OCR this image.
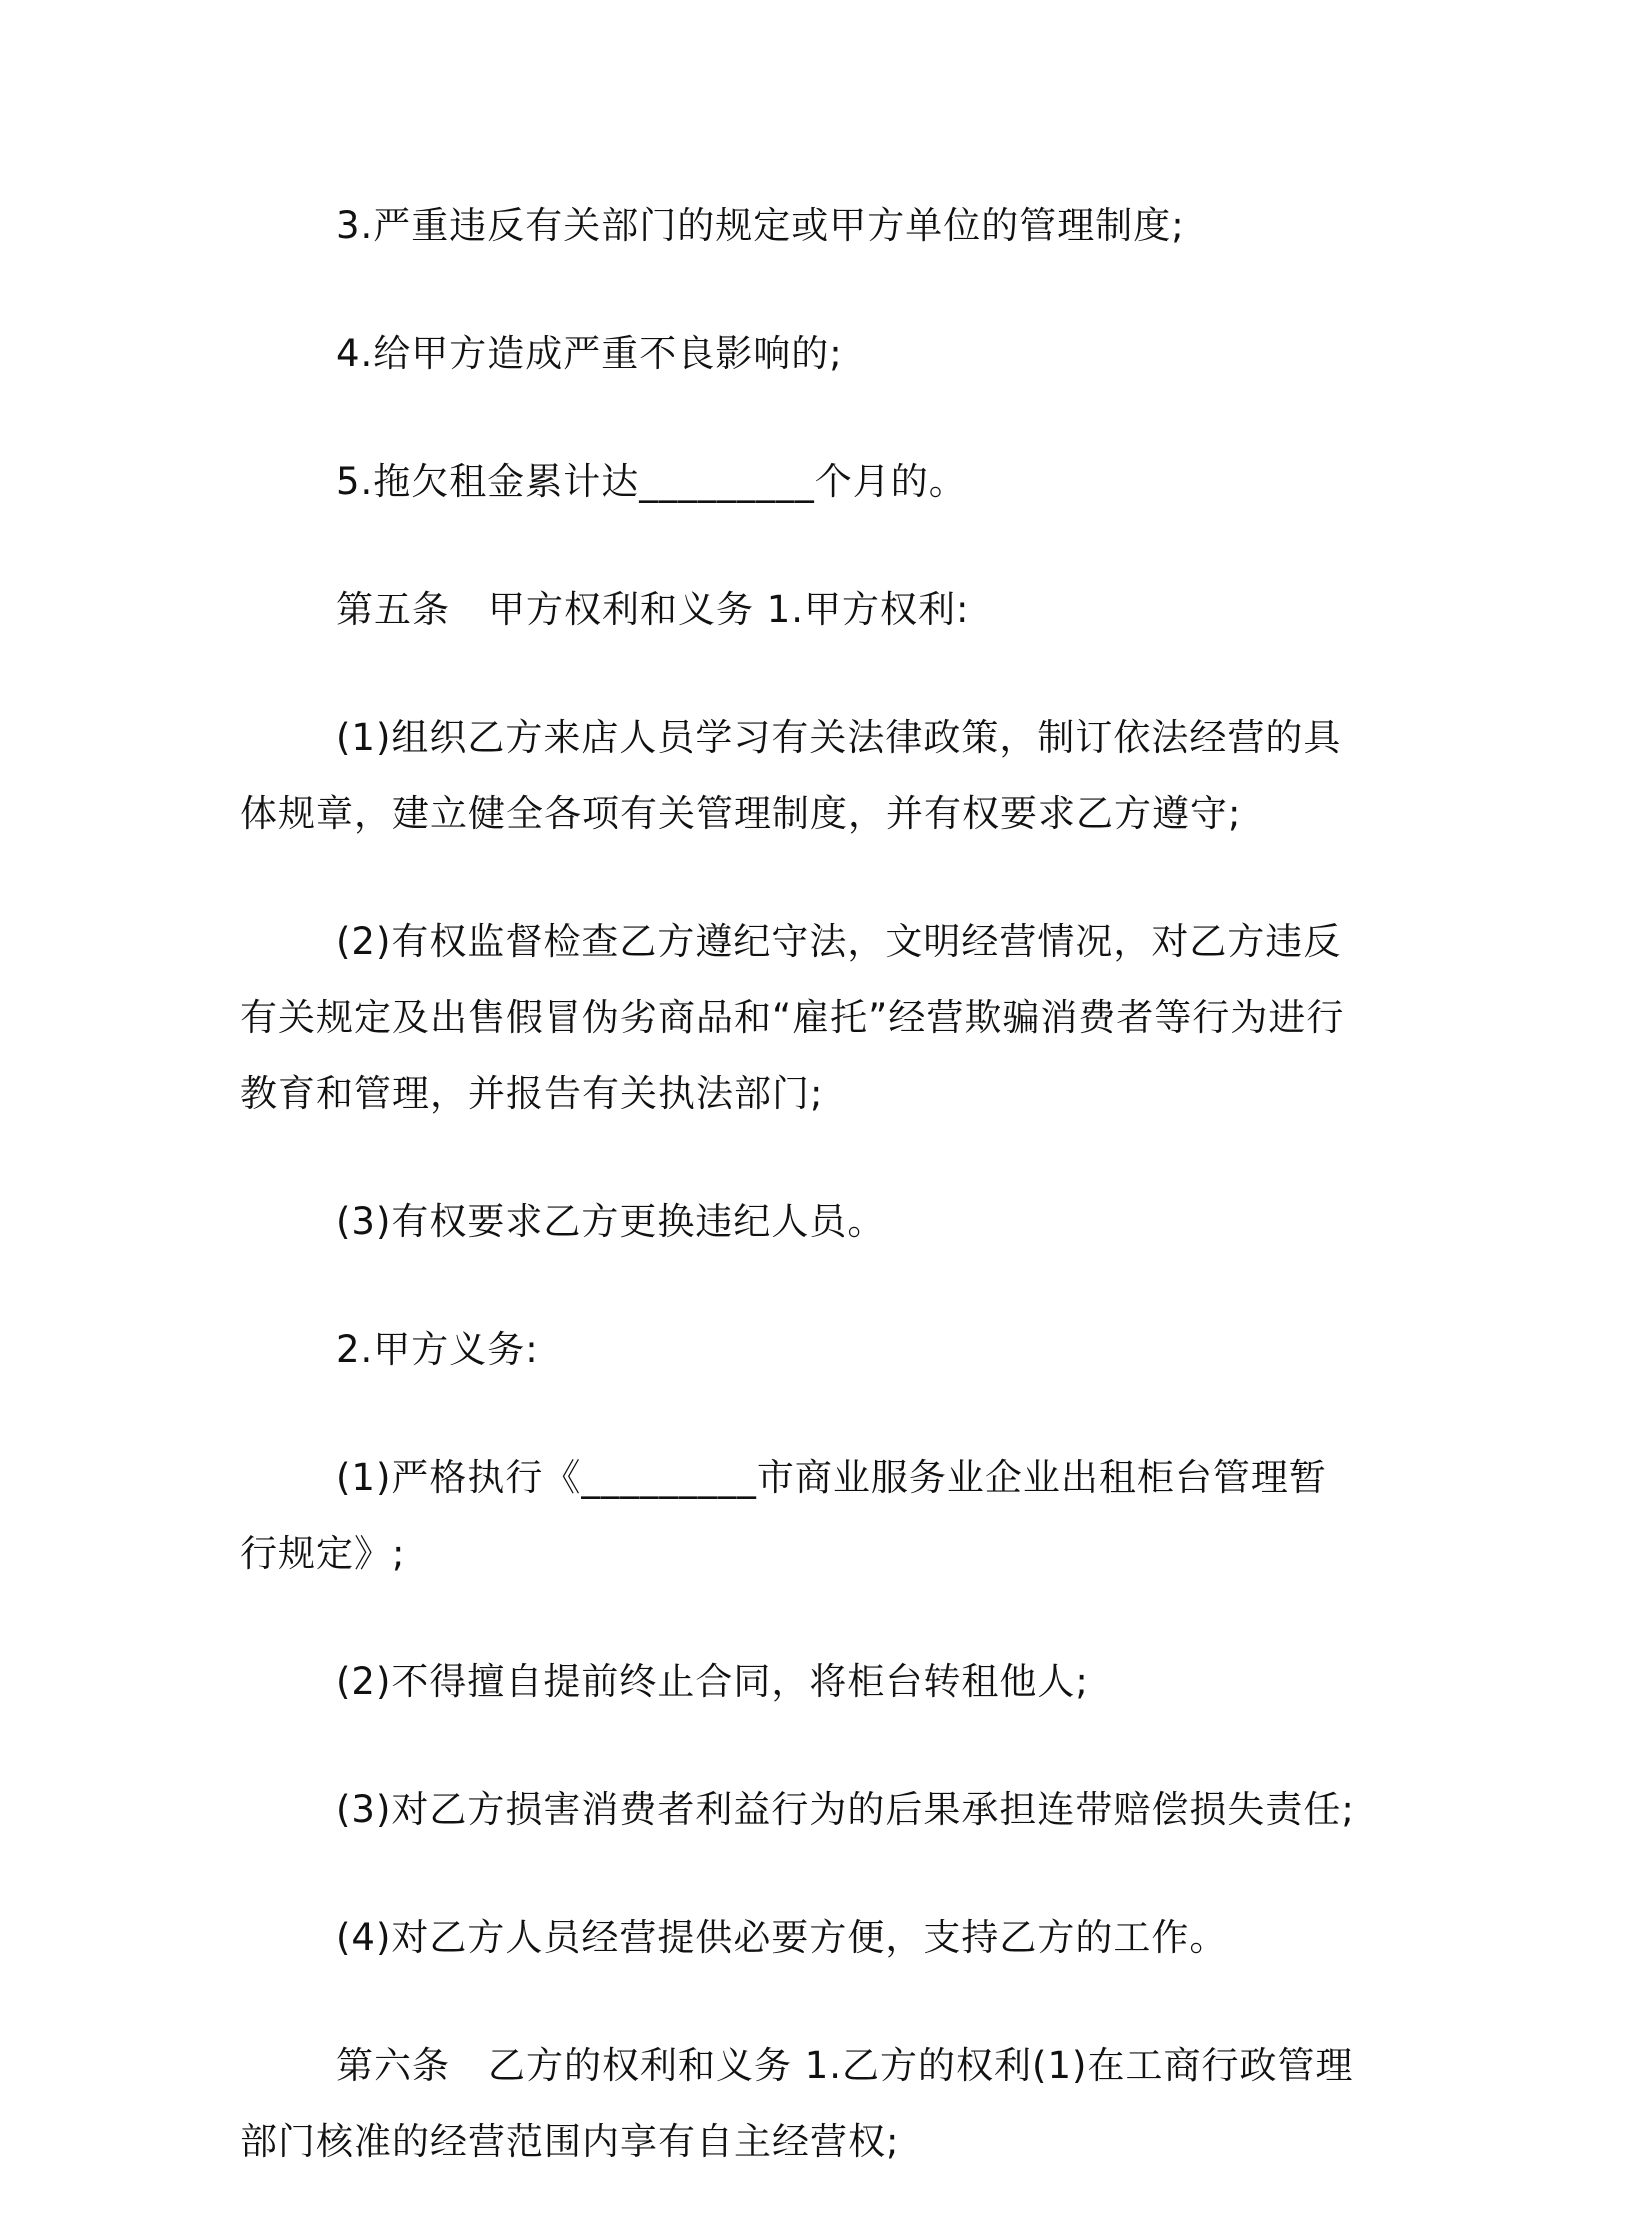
3.严重违反有关部门的规定或甲方单位的管理制度;

4.给甲方造成严重不良影响的;

5.拖欠租金累计达_________个月的。

第五条　甲方权利和义务 1.甲方权利:

(1)组织乙方来店人员学习有关法律政策，制订依法经营的具体规章，建立健全各项有关管理制度，并有权要求乙方遵守;

(2)有权监督检查乙方遵纪守法，文明经营情况，对乙方违反有关规定及出售假冒伪劣商品和“雇托”经营欺骗消费者等行为进行教育和管理，并报告有关执法部门;

(3)有权要求乙方更换违纪人员。

2.甲方义务:

(1)严格执行《_________市商业服务业企业出租柜台管理暂行规定》;

(2)不得擅自提前终止合同，将柜台转租他人;

(3)对乙方损害消费者利益行为的后果承担连带赔偿损失责任;

(4)对乙方人员经营提供必要方便，支持乙方的工作。

第六条　乙方的权利和义务 1.乙方的权利(1)在工商行政管理部门核准的经营范围内享有自主经营权;
